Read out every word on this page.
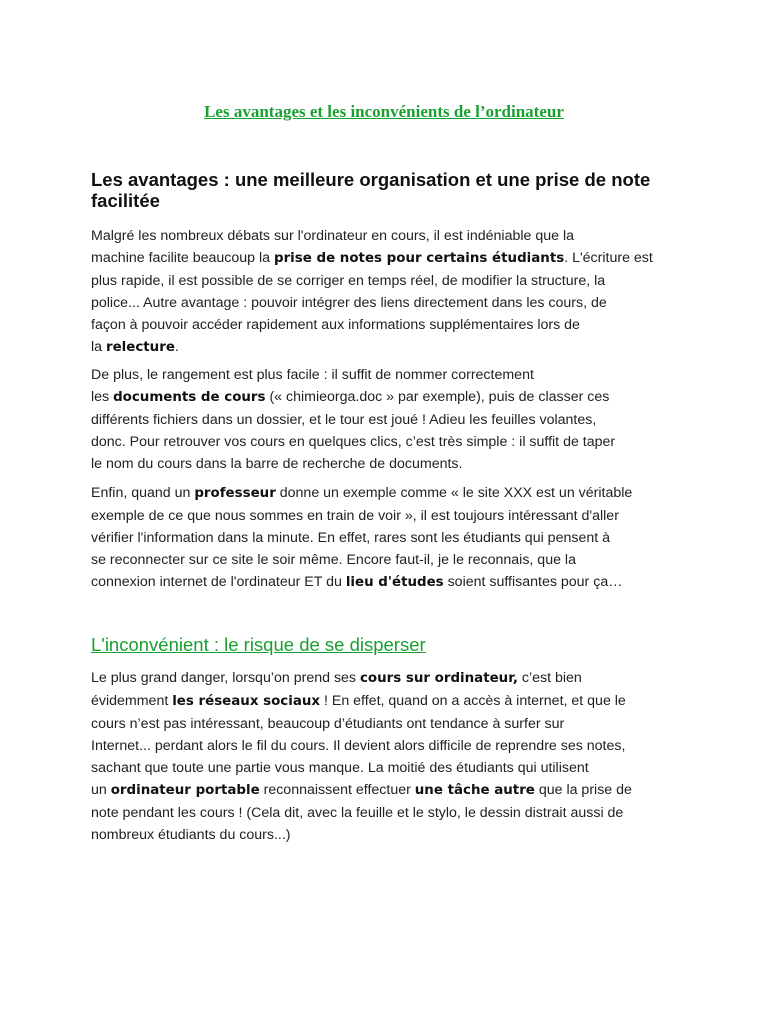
Les avantages et les inconvénients de l’ordinateur
Les avantages : une meilleure organisation et une prise de note facilitée

Malgré les nombreux débats sur l'ordinateur en cours, il est indéniable que la
machine facilite beaucoup la prise de notes pour certains étudiants. L'écriture est
plus rapide, il est possible de se corriger en temps réel, de modifier la structure, la
police... Autre avantage : pouvoir intégrer des liens directement dans les cours, de
façon à pouvoir accéder rapidement aux informations supplémentaires lors de
la relecture.

De plus, le rangement est plus facile : il suffit de nommer correctement
les documents de cours (« chimieorga.doc » par exemple), puis de classer ces
différents fichiers dans un dossier, et le tour est joué ! Adieu les feuilles volantes,
donc. Pour retrouver vos cours en quelques clics, c’est très simple : il suffit de taper
le nom du cours dans la barre de recherche de documents.

Enfin, quand un professeur donne un exemple comme « le site XXX est un véritable
exemple de ce que nous sommes en train de voir », il est toujours intéressant d'aller
vérifier l'information dans la minute. En effet, rares sont les étudiants qui pensent à
se reconnecter sur ce site le soir même. Encore faut-il, je le reconnais, que la
connexion internet de l'ordinateur ET du lieu d'études soient suffisantes pour ça…

L'inconvénient : le risque de se disperser

Le plus grand danger, lorsqu’on prend ses cours sur ordinateur, c’est bien
évidemment les réseaux sociaux ! En effet, quand on a accès à internet, et que le
cours n’est pas intéressant, beaucoup d’étudiants ont tendance à surfer sur
Internet... perdant alors le fil du cours. Il devient alors difficile de reprendre ses notes,
sachant que toute une partie vous manque. La moitié des étudiants qui utilisent
un ordinateur portable reconnaissent effectuer une tâche autre que la prise de
note pendant les cours ! (Cela dit, avec la feuille et le stylo, le dessin distrait aussi de
nombreux étudiants du cours...)
